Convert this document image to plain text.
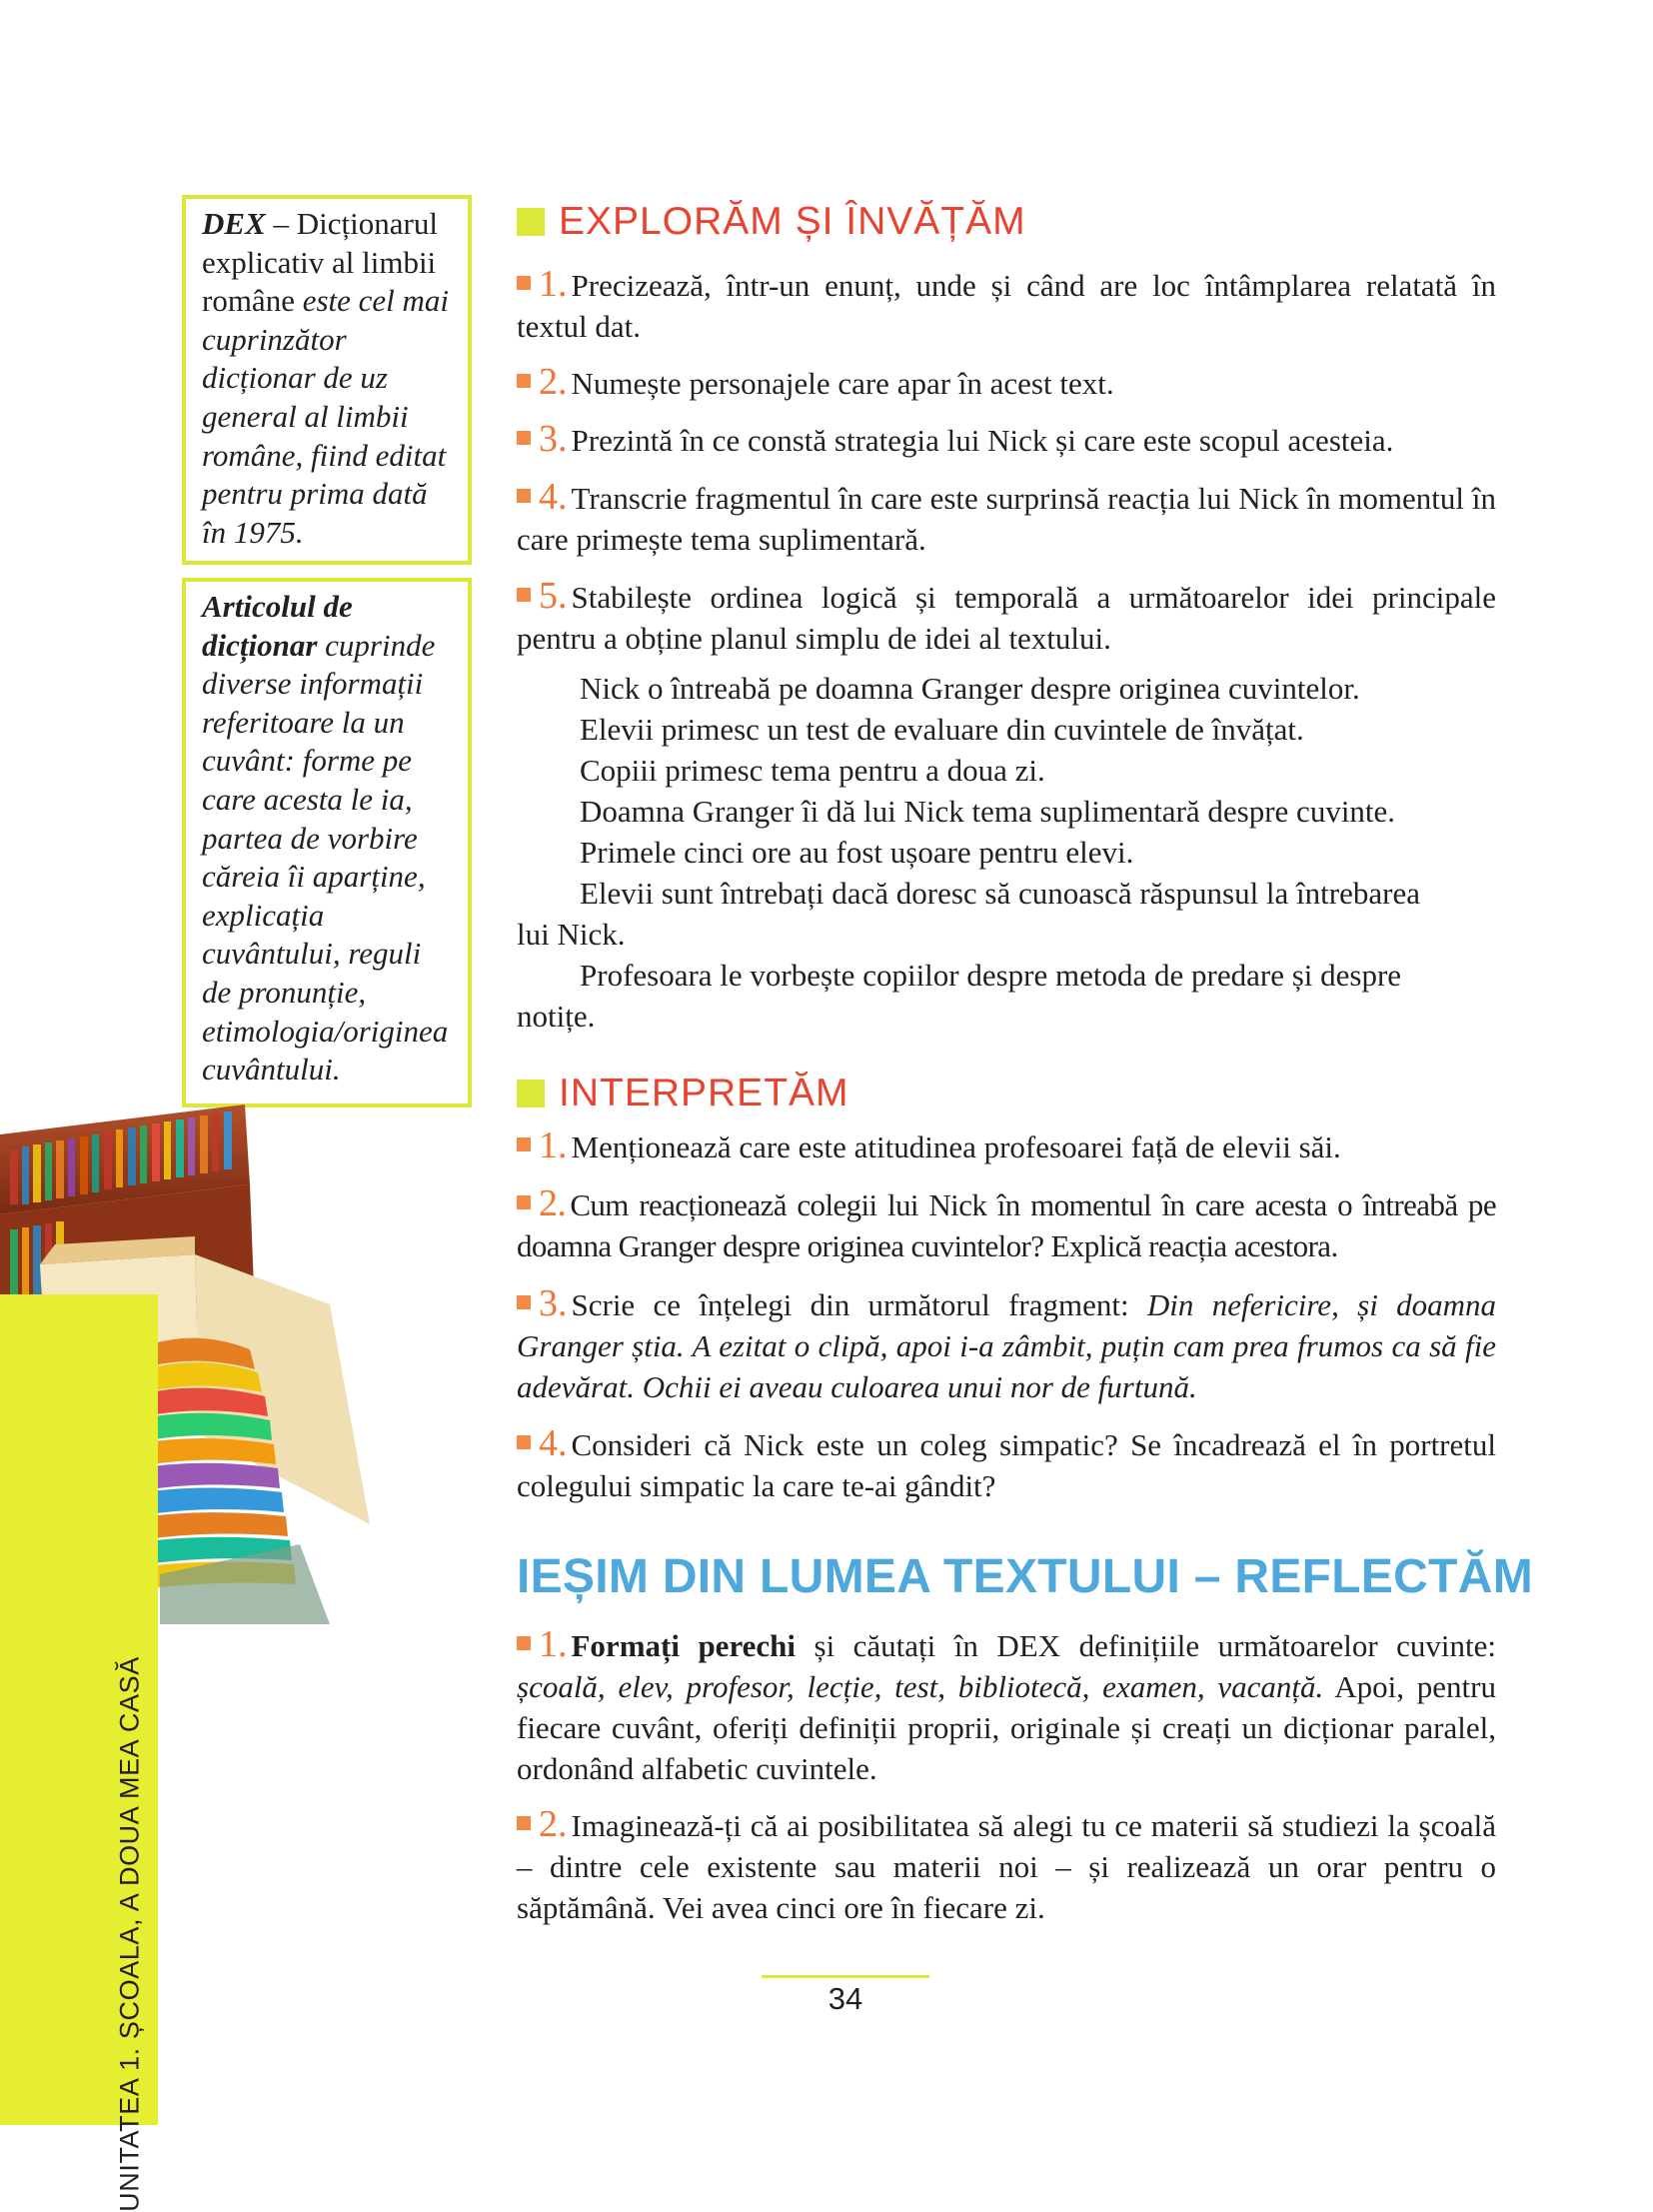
DEX – Dicționarul explicativ al limbii române este cel mai cuprinzător dicționar de uz general al limbii române, fiind editat pentru prima dată în 1975.
Articolul de dicționar cuprinde diverse informații referitoare la un cuvânt: forme pe care acesta le ia, partea de vorbire căreia îi aparține, explicația cuvântului, reguli de pronunție, etimologia/originea cuvântului.
UNITATEA 1. ȘCOALA, A DOUA MEA CASĂ
EXPLORĂM ȘI ÎNVĂȚĂM
1. Precizează, într-un enunț, unde și când are loc întâmplarea relatată în textul dat.
2. Numește personajele care apar în acest text.
3. Prezintă în ce constă strategia lui Nick și care este scopul acesteia.
4. Transcrie fragmentul în care este surprinsă reacția lui Nick în momentul în care primește tema suplimentară.
5. Stabilește ordinea logică și temporală a următoarelor idei principale pentru a obține planul simplu de idei al textului.
Nick o întreabă pe doamna Granger despre originea cuvintelor.
Elevii primesc un test de evaluare din cuvintele de învățat.
Copiii primesc tema pentru a doua zi.
Doamna Granger îi dă lui Nick tema suplimentară despre cuvinte.
Primele cinci ore au fost ușoare pentru elevi.
Elevii sunt întrebați dacă doresc să cunoască răspunsul la întrebarea
lui Nick.
Profesoara le vorbește copiilor despre metoda de predare și despre
notițe.
INTERPRETĂM
1. Menționează care este atitudinea profesoarei față de elevii săi.
2. Cum reacționează colegii lui Nick în momentul în care acesta o întreabă pe doamna Granger despre originea cuvintelor? Explică reacția acestora.
3. Scrie ce înțelegi din următorul fragment: Din nefericire, și doamna Granger știa. A ezitat o clipă, apoi i-a zâmbit, puțin cam prea frumos ca să fie adevărat. Ochii ei aveau culoarea unui nor de furtună.
4. Consideri că Nick este un coleg simpatic? Se încadrează el în portretul colegului simpatic la care te-ai gândit?
IEȘIM DIN LUMEA TEXTULUI – REFLECTĂM
1. Formați perechi și căutați în DEX definițiile următoarelor cuvinte: școală, elev, profesor, lecție, test, bibliotecă, examen, vacanță. Apoi, pentru fiecare cuvânt, oferiți definiții proprii, originale și creați un dicționar paralel, ordonând alfabetic cuvintele.
2. Imaginează-ți că ai posibilitatea să alegi tu ce materii să studiezi la școală – dintre cele existente sau materii noi – și realizează un orar pentru o săptămână. Vei avea cinci ore în fiecare zi.
34
